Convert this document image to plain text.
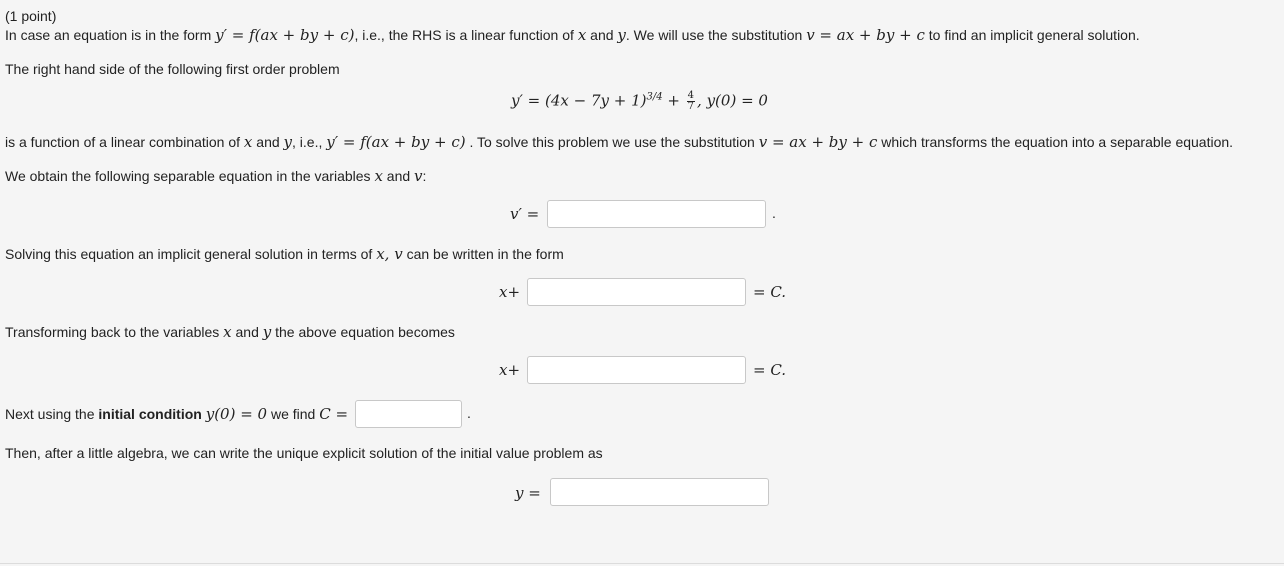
(1 point)
In case an equation is in the form y′ = f(ax + by + c), i.e., the RHS is a linear function of x and y. We will use the substitution v = ax + by + c to find an implicit general solution.
The right hand side of the following first order problem
$y' = (4x - 7y + 1)^{3/4} + \frac{4}{7}$ , y(0) = 0
is a function of a linear combination of x and y, i.e., y′ = f(ax + by + c) . To solve this problem we use the substitution v = ax + by + c which transforms the equation into a separable equation.
We obtain the following separable equation in the variables x and v:
v′ =	.
Solving this equation an implicit general solution in terms of x, v can be written in the form
x+	= C.
Transforming back to the variables x and y the above equation becomes
x+	= C.
Next using the initial condition y(0) = 0 we find C =	.
Then, after a little algebra, we can write the unique explicit solution of the initial value problem as
y =
